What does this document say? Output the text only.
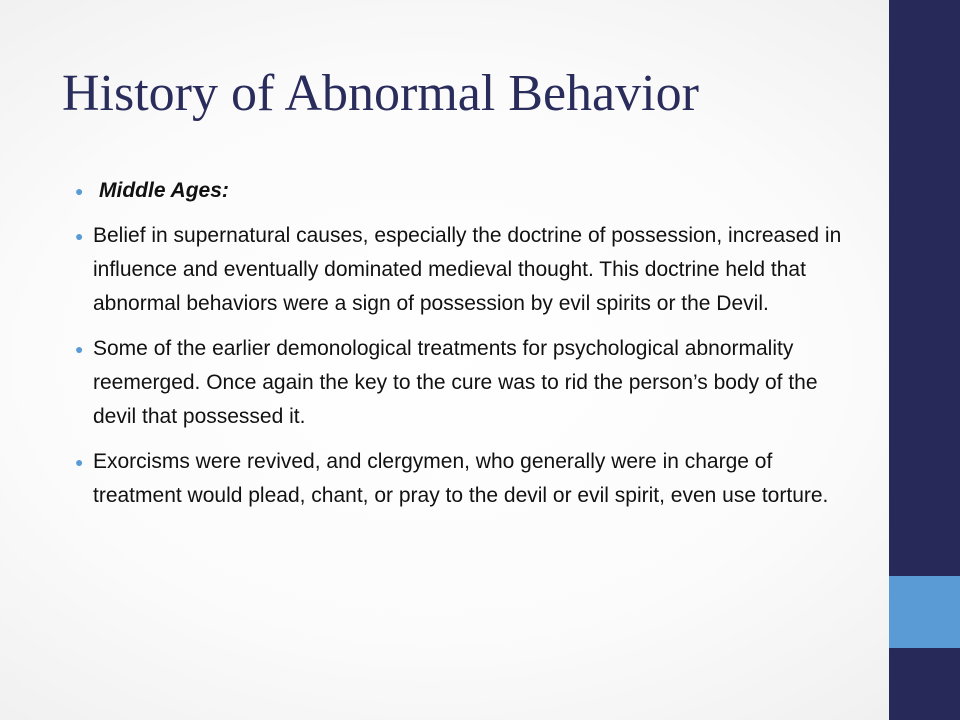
History of Abnormal Behavior
● Middle Ages:
● Belief in supernatural causes, especially the doctrine of possession, increased in influence and eventually dominated medieval thought. This doctrine held that abnormal behaviors were a sign of possession by evil spirits or the Devil.
● Some of the earlier demonological treatments for psychological abnormality reemerged. Once again the key to the cure was to rid the person’s body of the devil that possessed it.
● Exorcisms were revived, and clergymen, who generally were in charge of treatment would plead, chant, or pray to the devil or evil spirit, even use torture.
